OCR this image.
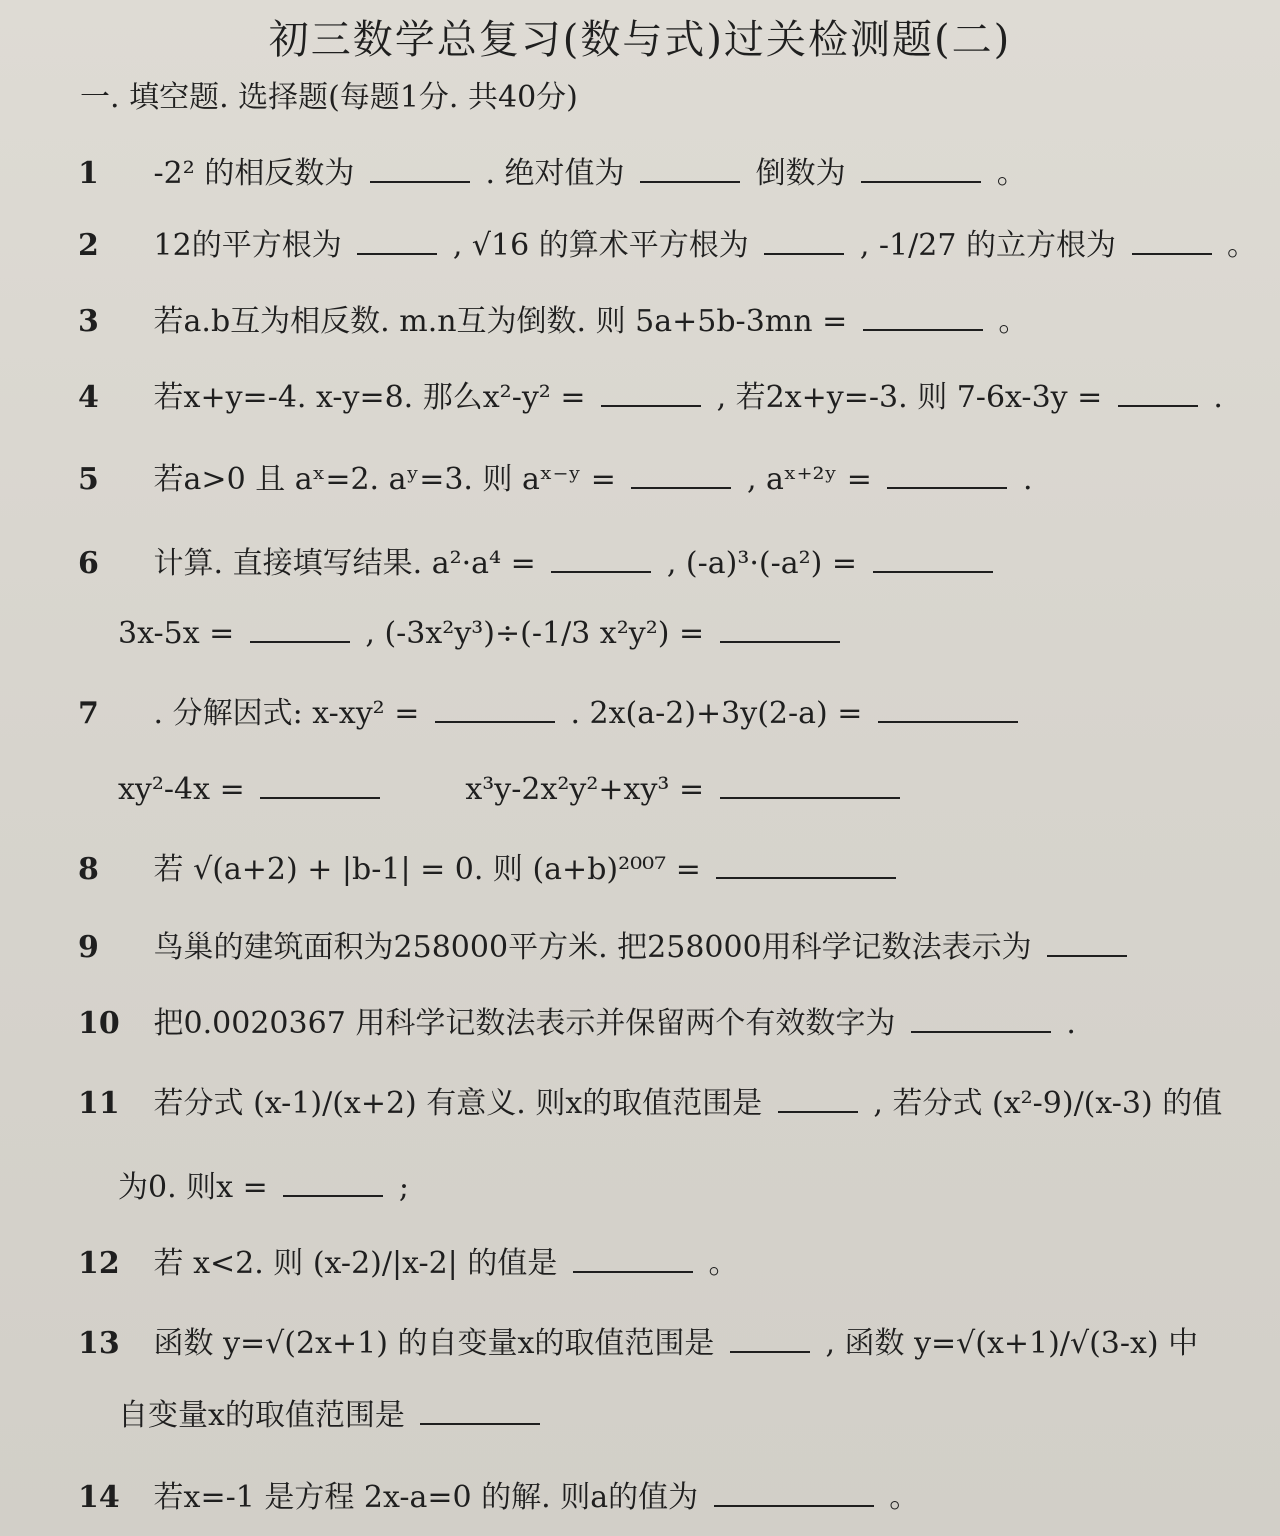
初三数学总复习(数与式)过关检测题(二)
一. 填空题. 选择题(每题1分. 共40分)
1 -2² 的相反数为	. 绝对值为	倒数为	。
2 12的平方根为	, √16 的算术平方根为	, -1/27 的立方根为	。
3 若a.b互为相反数. m.n互为倒数. 则 5a+5b-3mn =	。
4 若x+y=-4. x-y=8. 那么x²-y² =	, 若2x+y=-3. 则 7-6x-3y =	.
5 若a>0 且 aˣ=2. aʸ=3. 则 aˣ⁻ʸ =	, aˣ⁺²ʸ =	.
6 计算. 直接填写结果. a²·a⁴ =	, (-a)³·(-a²) =
3x-5x =	, (-3x²y³)÷(-1/3 x²y²) =
7 . 分解因式: x-xy² =	. 2x(a-2)+3y(2-a) =
xy²-4x =	x³y-2x²y²+xy³ =
8 若 √(a+2) + |b-1| = 0. 则 (a+b)²⁰⁰⁷ =
9 鸟巢的建筑面积为258000平方米. 把258000用科学记数法表示为
10 把0.0020367 用科学记数法表示并保留两个有效数字为	.
11 若分式 (x-1)/(x+2) 有意义. 则x的取值范围是	, 若分式 (x²-9)/(x-3) 的值
为0. 则x =	;
12 若 x<2. 则 (x-2)/|x-2| 的值是	。
13 函数 y=√(2x+1) 的自变量x的取值范围是	, 函数 y=√(x+1)/√(3-x) 中
自变量x的取值范围是
14 若x=-1 是方程 2x-a=0 的解. 则a的值为	。
